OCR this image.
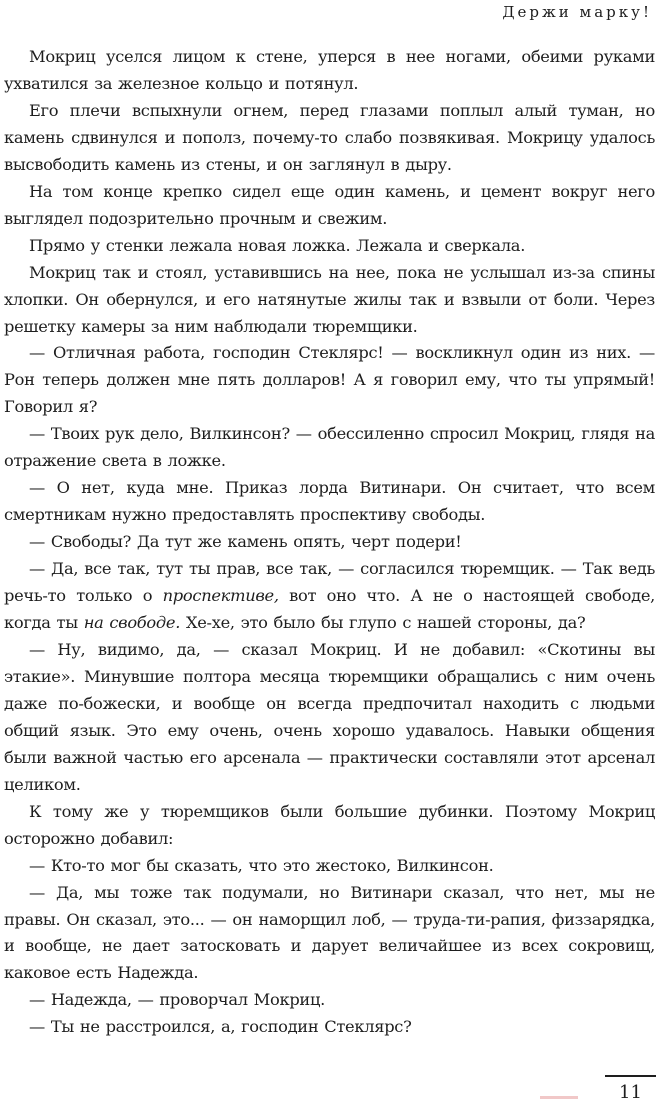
Держи марку!

Мокриц уселся лицом к стене, уперся в нее ногами, обеими руками ухватился за железное кольцо и потянул.

Его плечи вспыхнули огнем, перед глазами поплыл алый туман, но камень сдвинулся и пополз, почему-то слабо позвякивая. Мокрицу удалось высвободить камень из стены, и он заглянул в дыру.

На том конце крепко сидел еще один камень, и цемент вокруг него выглядел подозрительно прочным и свежим.

Прямо у стенки лежала новая ложка. Лежала и сверкала.

Мокриц так и стоял, уставившись на нее, пока не услышал из-за спины хлопки. Он обернулся, и его натянутые жилы так и взвыли от боли. Через решетку камеры за ним наблюдали тюремщики.

— Отличная работа, господин Стеклярс! — воскликнул один из них. — Рон теперь должен мне пять долларов! А я говорил ему, что ты упрямый! Говорил я?

— Твоих рук дело, Вилкинсон? — обессиленно спросил Мокриц, глядя на отражение света в ложке.

— О нет, куда мне. Приказ лорда Витинари. Он считает, что всем смертникам нужно предоставлять проспективу свободы.

— Свободы? Да тут же камень опять, черт подери!

— Да, все так, тут ты прав, все так, — согласился тюремщик. — Так ведь речь-то только о проспективе, вот оно что. А не о настоящей свободе, когда ты на свободе. Хе-хе, это было бы глупо с нашей стороны, да?

— Ну, видимо, да, — сказал Мокриц. И не добавил: «Скотины вы этакие». Минувшие полтора месяца тюремщики обращались с ним очень даже по-божески, и вообще он всегда предпочитал находить с людьми общий язык. Это ему очень, очень хорошо удавалось. Навыки общения были важной частью его арсенала — практически составляли этот арсенал целиком.

К тому же у тюремщиков были большие дубинки. Поэтому Мокриц осторожно добавил:

— Кто-то мог бы сказать, что это жестоко, Вилкинсон.

— Да, мы тоже так подумали, но Витинари сказал, что нет, мы не правы. Он сказал, это... — он наморщил лоб, — труда-ти-рапия, физзарядка, и вообще, не дает затосковать и дарует величайшее из всех сокровищ, каковое есть Надежда.

— Надежда, — проворчал Мокриц.

— Ты не расстроился, а, господин Стеклярс?

11
